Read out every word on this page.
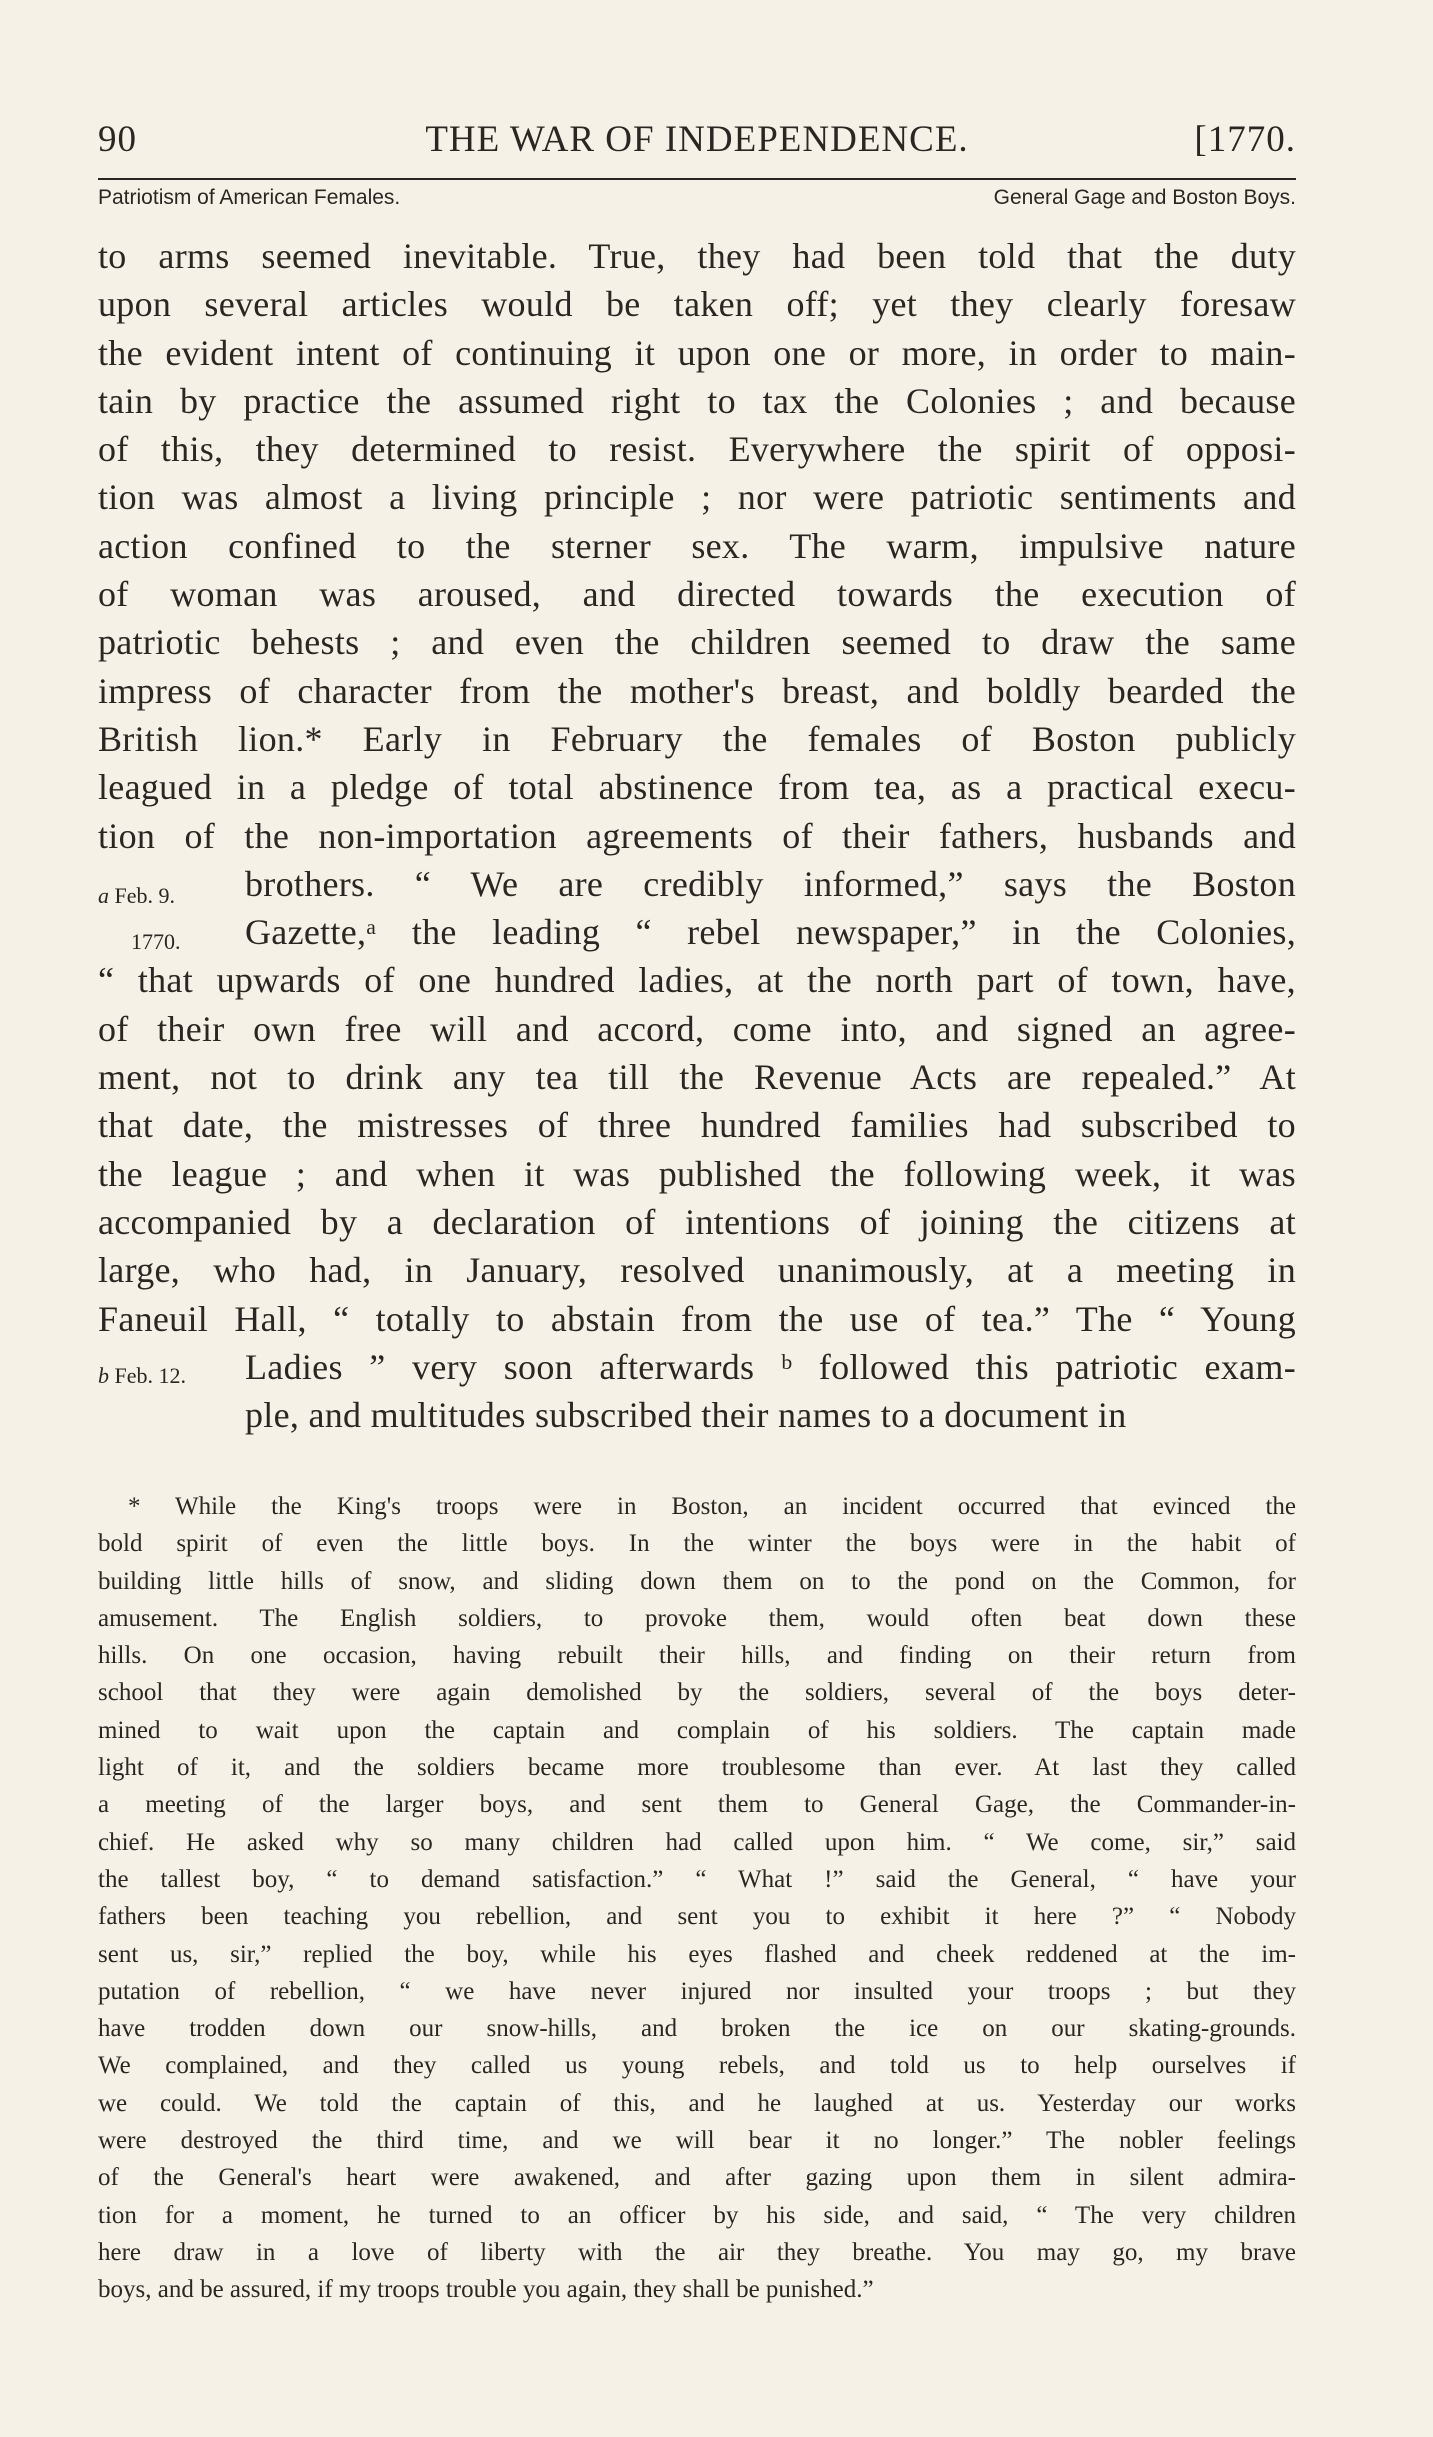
90	THE WAR OF INDEPENDENCE.	[1770.
Patriotism of American Females.	General Gage and Boston Boys.
to arms seemed inevitable. True, they had been told that the duty
upon several articles would be taken off; yet they clearly foresaw
the evident intent of continuing it upon one or more, in order to main-
tain by practice the assumed right to tax the Colonies ; and because
of this, they determined to resist. Everywhere the spirit of opposi-
tion was almost a living principle ; nor were patriotic sentiments and
action confined to the sterner sex. The warm, impulsive nature
of woman was aroused, and directed towards the execution of
patriotic behests ; and even the children seemed to draw the same
impress of character from the mother's breast, and boldly bearded the
British lion.* Early in February the females of Boston publicly
leagued in a pledge of total abstinence from tea, as a practical execu-
tion of the non-importation agreements of their fathers, husbands and
brothers. “ We are credibly informed,” says the Boston
Gazette,ᵃ the leading “ rebel newspaper,” in the Colonies,
“ that upwards of one hundred ladies, at the north part of town, have,
of their own free will and accord, come into, and signed an agree-
ment, not to drink any tea till the Revenue Acts are repealed.” At
that date, the mistresses of three hundred families had subscribed to
the league ; and when it was published the following week, it was
accompanied by a declaration of intentions of joining the citizens at
large, who had, in January, resolved unanimously, at a meeting in
Faneuil Hall, “ totally to abstain from the use of tea.” The “ Young
Ladies ” very soon afterwards ᵇ followed this patriotic exam-
ple, and multitudes subscribed their names to a document in
a Feb. 9.
1770.
b Feb. 12.
* While the King's troops were in Boston, an incident occurred that evinced the
bold spirit of even the little boys. In the winter the boys were in the habit of
building little hills of snow, and sliding down them on to the pond on the Common, for
amusement. The English soldiers, to provoke them, would often beat down these
hills. On one occasion, having rebuilt their hills, and finding on their return from
school that they were again demolished by the soldiers, several of the boys deter-
mined to wait upon the captain and complain of his soldiers. The captain made
light of it, and the soldiers became more troublesome than ever. At last they called
a meeting of the larger boys, and sent them to General Gage, the Commander-in-
chief. He asked why so many children had called upon him. “ We come, sir,” said
the tallest boy, “ to demand satisfaction.” “ What !” said the General, “ have your
fathers been teaching you rebellion, and sent you to exhibit it here ?” “ Nobody
sent us, sir,” replied the boy, while his eyes flashed and cheek reddened at the im-
putation of rebellion, “ we have never injured nor insulted your troops ; but they
have trodden down our snow-hills, and broken the ice on our skating-grounds.
We complained, and they called us young rebels, and told us to help ourselves if
we could. We told the captain of this, and he laughed at us. Yesterday our works
were destroyed the third time, and we will bear it no longer.” The nobler feelings
of the General's heart were awakened, and after gazing upon them in silent admira-
tion for a moment, he turned to an officer by his side, and said, “ The very children
here draw in a love of liberty with the air they breathe. You may go, my brave
boys, and be assured, if my troops trouble you again, they shall be punished.”
